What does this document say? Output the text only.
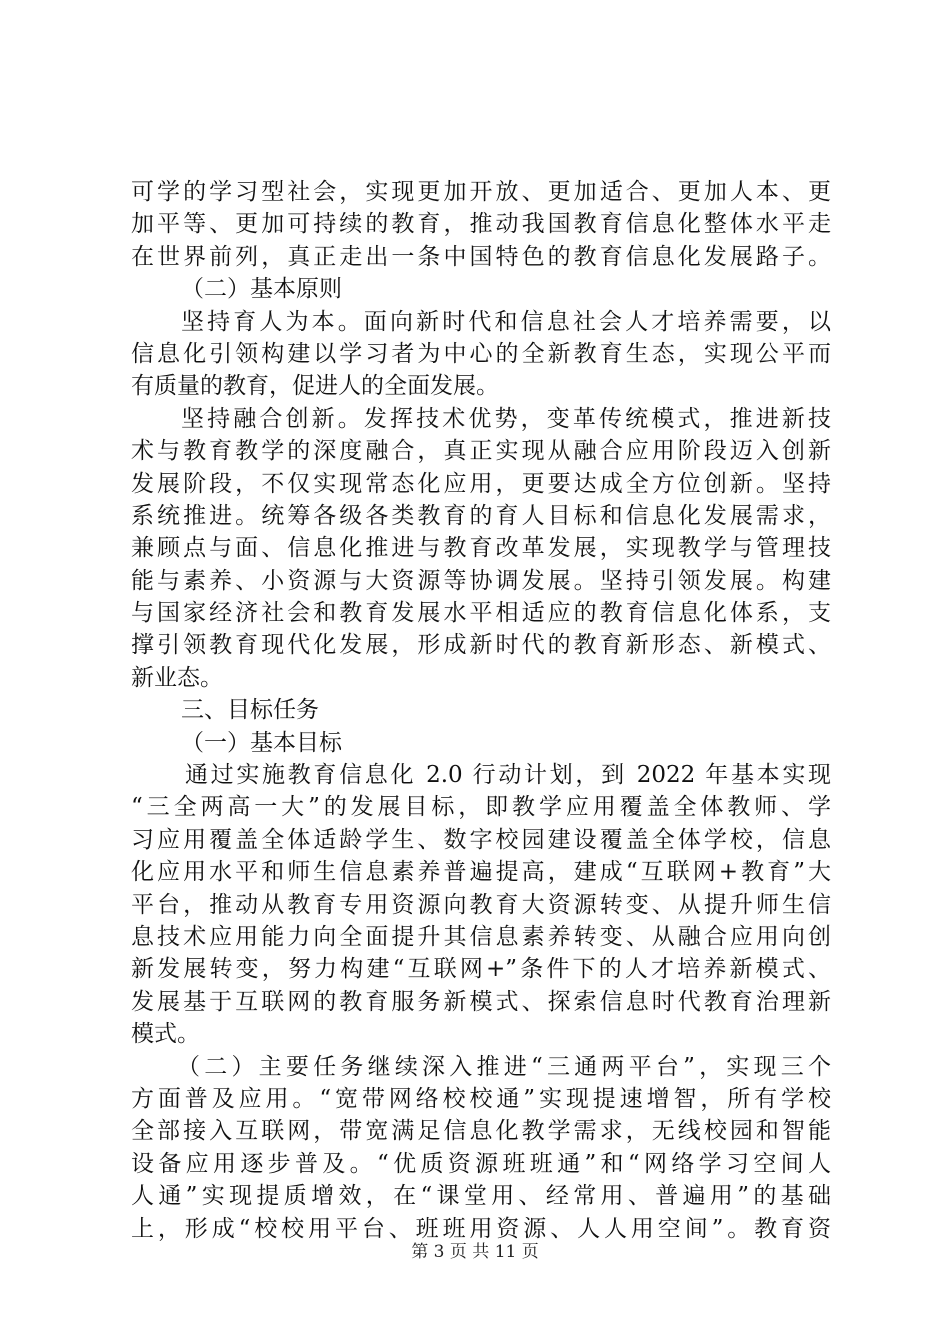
可学的学习型社会，实现更加开放、更加适合、更加人本、更
加平等、更加可持续的教育，推动我国教育信息化整体水平走
在世界前列，真正走出一条中国特色的教育信息化发展路子。
（二）基本原则
坚持育人为本。面向新时代和信息社会人才培养需要，以
信息化引领构建以学习者为中心的全新教育生态，实现公平而
有质量的教育，促进人的全面发展。
坚持融合创新。发挥技术优势，变革传统模式，推进新技
术与教育教学的深度融合，真正实现从融合应用阶段迈入创新
发展阶段，不仅实现常态化应用，更要达成全方位创新。坚持
系统推进。统筹各级各类教育的育人目标和信息化发展需求，
兼顾点与面、信息化推进与教育改革发展，实现教学与管理技
能与素养、小资源与大资源等协调发展。坚持引领发展。构建
与国家经济社会和教育发展水平相适应的教育信息化体系，支
撑引领教育现代化发展，形成新时代的教育新形态、新模式、
新业态。
三、目标任务
（一）基本目标
通过实施教育信息化 2.0 行动计划，到 2022 年基本实现
“三全两高一大”的发展目标，即教学应用覆盖全体教师、学
习应用覆盖全体适龄学生、数字校园建设覆盖全体学校，信息
化应用水平和师生信息素养普遍提高，建成“互联网+教育”大
平台，推动从教育专用资源向教育大资源转变、从提升师生信
息技术应用能力向全面提升其信息素养转变、从融合应用向创
新发展转变，努力构建“互联网+”条件下的人才培养新模式、
发展基于互联网的教育服务新模式、探索信息时代教育治理新
模式。
（二）主要任务继续深入推进“三通两平台”，实现三个
方面普及应用。“宽带网络校校通”实现提速增智，所有学校
全部接入互联网，带宽满足信息化教学需求，无线校园和智能
设备应用逐步普及。“优质资源班班通”和“网络学习空间人
人通”实现提质增效，在“课堂用、经常用、普遍用”的基础
上，形成“校校用平台、班班用资源、人人用空间”。教育资
第 3 页 共 11 页
